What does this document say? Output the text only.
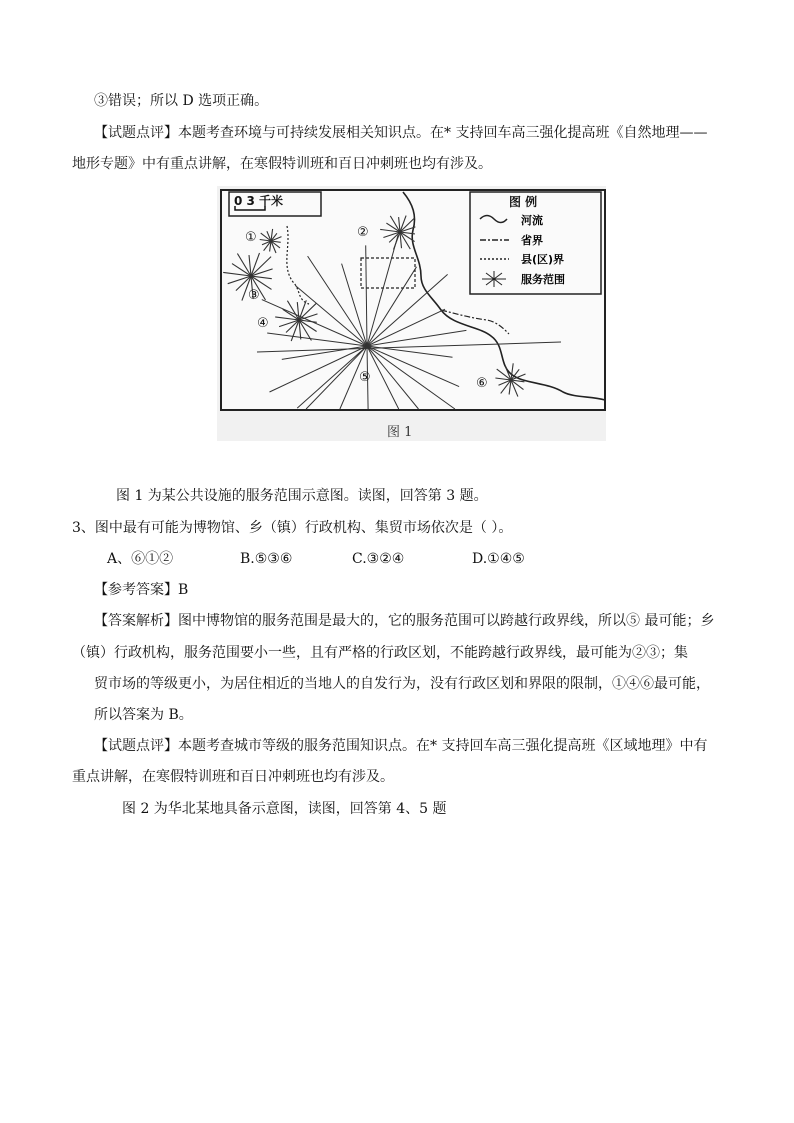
③错误；所以 D 选项正确。
【试题点评】本题考查环境与可持续发展相关知识点。在* 支持回车高三强化提高班《自然地理——
地形专题》中有重点讲解，在寒假特训班和百日冲刺班也均有涉及。
0 3 千米	图 例
河流
省界
县(区)界
服务范围
①	②
③
④
⑤	⑥
图 1
图 1 为某公共设施的服务范围示意图。读图，回答第 3 题。
3、图中最有可能为博物馆、乡（镇）行政机构、集贸市场依次是（ ）。
A、⑥①②	B.⑤③⑥	C.③②④	D.①④⑤
【参考答案】B
【答案解析】图中博物馆的服务范围是最大的，它的服务范围可以跨越行政界线，所以⑤ 最可能；乡
（镇）行政机构，服务范围要小一些，且有严格的行政区划，不能跨越行政界线，最可能为②③；集
贸市场的等级更小，为居住相近的当地人的自发行为，没有行政区划和界限的限制，①④⑥最可能，
所以答案为 B。
【试题点评】本题考查城市等级的服务范围知识点。在* 支持回车高三强化提高班《区域地理》中有
重点讲解，在寒假特训班和百日冲刺班也均有涉及。
图 2 为华北某地具备示意图，读图，回答第 4、5 题
